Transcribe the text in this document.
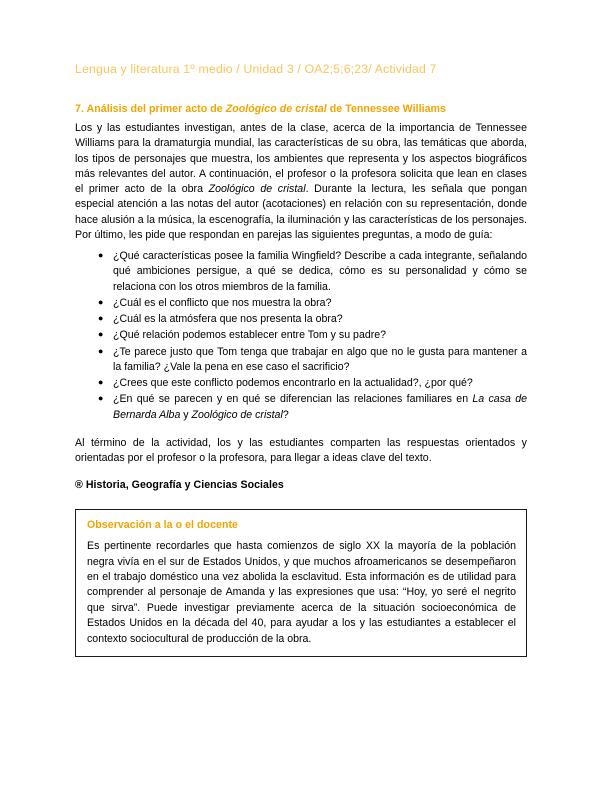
Lengua y literatura 1º medio / Unidad 3 / OA2;5;6;23/ Actividad 7
7. Análisis del primer acto de Zoológico de cristal de Tennessee Williams

Los y las estudiantes investigan, antes de la clase, acerca de la importancia de Tennessee Williams para la dramaturgia mundial, las características de su obra, las temáticas que aborda, los tipos de personajes que muestra, los ambientes que representa y los aspectos biográficos más relevantes del autor. A continuación, el profesor o la profesora solicita que lean en clases el primer acto de la obra Zoológico de cristal. Durante la lectura, les señala que pongan especial atención a las notas del autor (acotaciones) en relación con su representación, donde hace alusión a la música, la escenografía, la iluminación y las características de los personajes. Por último, les pide que respondan en parejas las siguientes preguntas, a modo de guía:

● ¿Qué características posee la familia Wingfield? Describe a cada integrante, señalando qué ambiciones persigue, a qué se dedica, cómo es su personalidad y cómo se relaciona con los otros miembros de la familia.
● ¿Cuál es el conflicto que nos muestra la obra?
● ¿Cuál es la atmósfera que nos presenta la obra?
● ¿Qué relación podemos establecer entre Tom y su padre?
● ¿Te parece justo que Tom tenga que trabajar en algo que no le gusta para mantener a la familia? ¿Vale la pena en ese caso el sacrificio?
● ¿Crees que este conflicto podemos encontrarlo en la actualidad?, ¿por qué?
● ¿En qué se parecen y en qué se diferencian las relaciones familiares en La casa de Bernarda Alba y Zoológico de cristal?

Al término de la actividad, los y las estudiantes comparten las respuestas orientados y orientadas por el profesor o la profesora, para llegar a ideas clave del texto.

® Historia, Geografía y Ciencias Sociales
Observación a la o el docente

Es pertinente recordarles que hasta comienzos de siglo XX la mayoría de la población negra vivía en el sur de Estados Unidos, y que muchos afroamericanos se desempeñaron en el trabajo doméstico una vez abolida la esclavitud. Esta información es de utilidad para comprender al personaje de Amanda y las expresiones que usa: “Hoy, yo seré el negrito que sirva”. Puede investigar previamente acerca de la situación socioeconómica de Estados Unidos en la década del 40, para ayudar a los y las estudiantes a establecer el contexto sociocultural de producción de la obra.
